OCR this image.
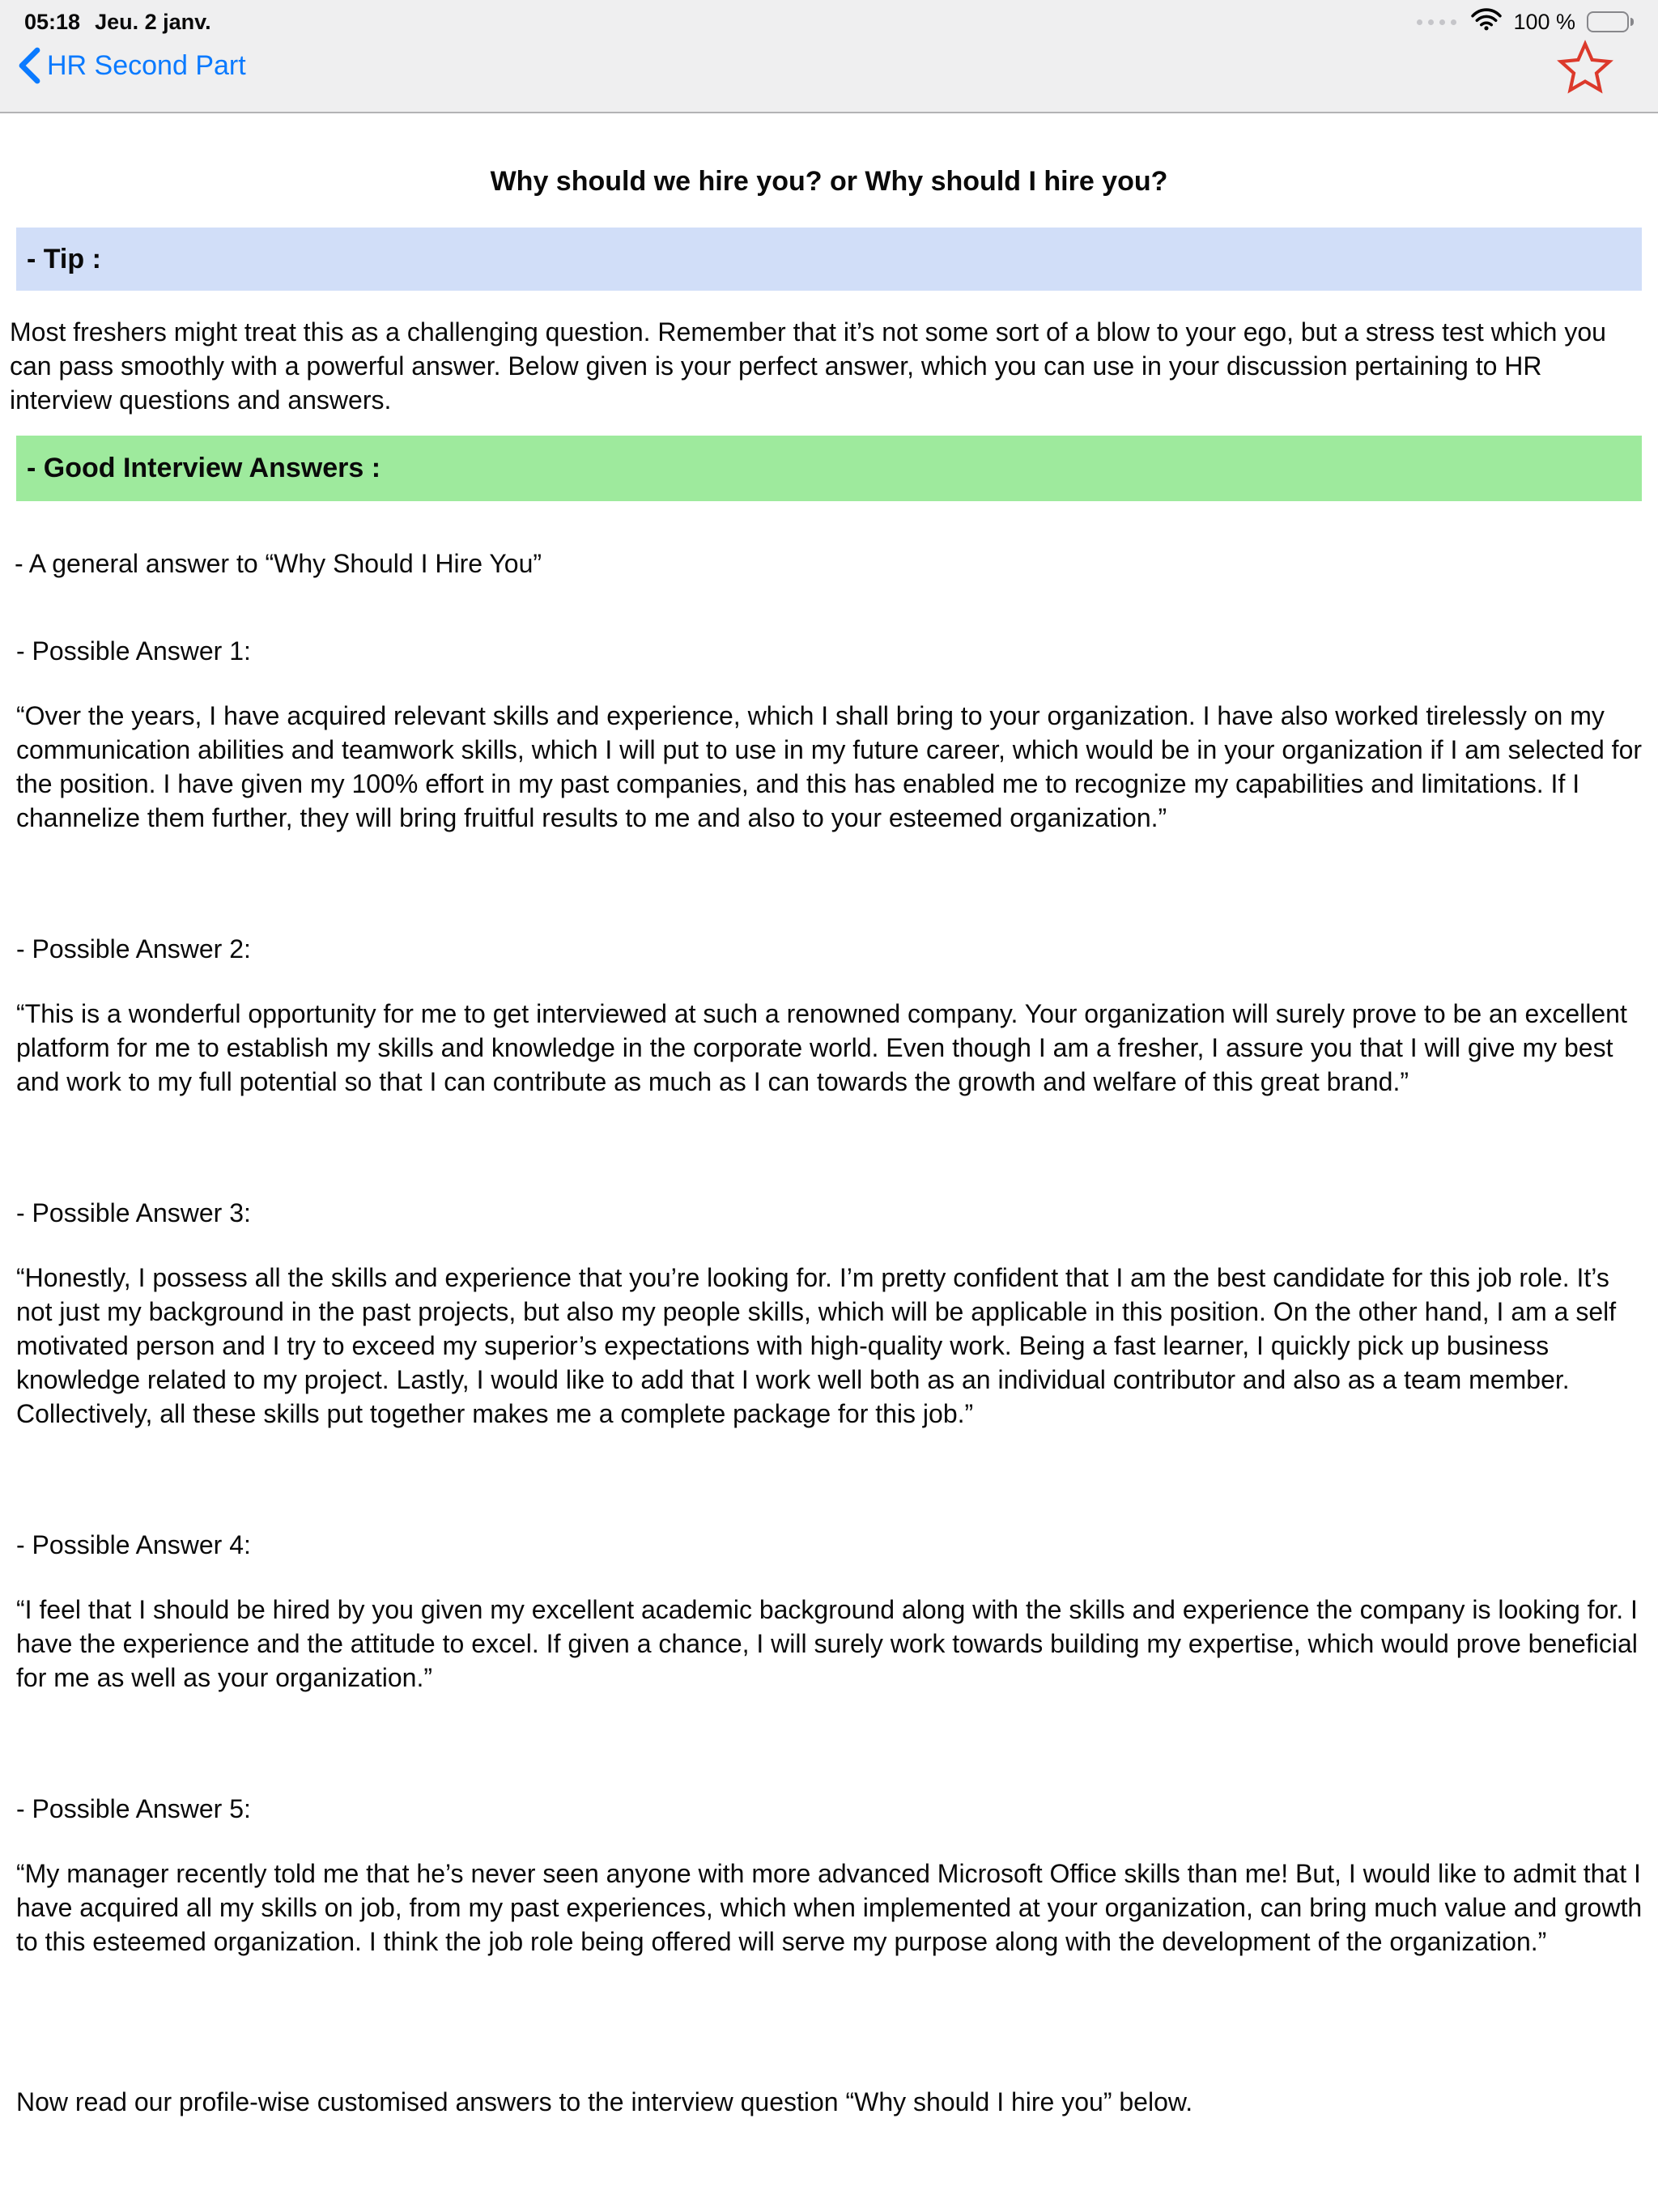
05:18 Jeu. 2 janv.	100 %
HR Second Part
Why should we hire you? or Why should I hire you?
- Tip :

Most freshers might treat this as a challenging question. Remember that it’s not some sort of a blow to your ego, but a stress test which you can pass smoothly with a powerful answer. Below given is your perfect answer, which you can use in your discussion pertaining to HR interview questions and answers.

- Good Interview Answers :

- A general answer to “Why Should I Hire You”

- Possible Answer 1:

“Over the years, I have acquired relevant skills and experience, which I shall bring to your organization. I have also worked tirelessly on my communication abilities and teamwork skills, which I will put to use in my future career, which would be in your organization if I am selected for the position. I have given my 100% effort in my past companies, and this has enabled me to recognize my capabilities and limitations. If I channelize them further, they will bring fruitful results to me and also to your esteemed organization.”

- Possible Answer 2:

“This is a wonderful opportunity for me to get interviewed at such a renowned company. Your organization will surely prove to be an excellent platform for me to establish my skills and knowledge in the corporate world. Even though I am a fresher, I assure you that I will give my best and work to my full potential so that I can contribute as much as I can towards the growth and welfare of this great brand.”

- Possible Answer 3:

“Honestly, I possess all the skills and experience that you’re looking for. I’m pretty confident that I am the best candidate for this job role. It’s not just my background in the past projects, but also my people skills, which will be applicable in this position. On the other hand, I am a self motivated person and I try to exceed my superior’s expectations with high-quality work. Being a fast learner, I quickly pick up business knowledge related to my project. Lastly, I would like to add that I work well both as an individual contributor and also as a team member. Collectively, all these skills put together makes me a complete package for this job.”

- Possible Answer 4:

“I feel that I should be hired by you given my excellent academic background along with the skills and experience the company is looking for. I have the experience and the attitude to excel. If given a chance, I will surely work towards building my expertise, which would prove beneficial for me as well as your organization.”

- Possible Answer 5:

“My manager recently told me that he’s never seen anyone with more advanced Microsoft Office skills than me! But, I would like to admit that I have acquired all my skills on job, from my past experiences, which when implemented at your organization, can bring much value and growth to this esteemed organization. I think the job role being offered will serve my purpose along with the development of the organization.”

Now read our profile-wise customised answers to the interview question “Why should I hire you” below.
